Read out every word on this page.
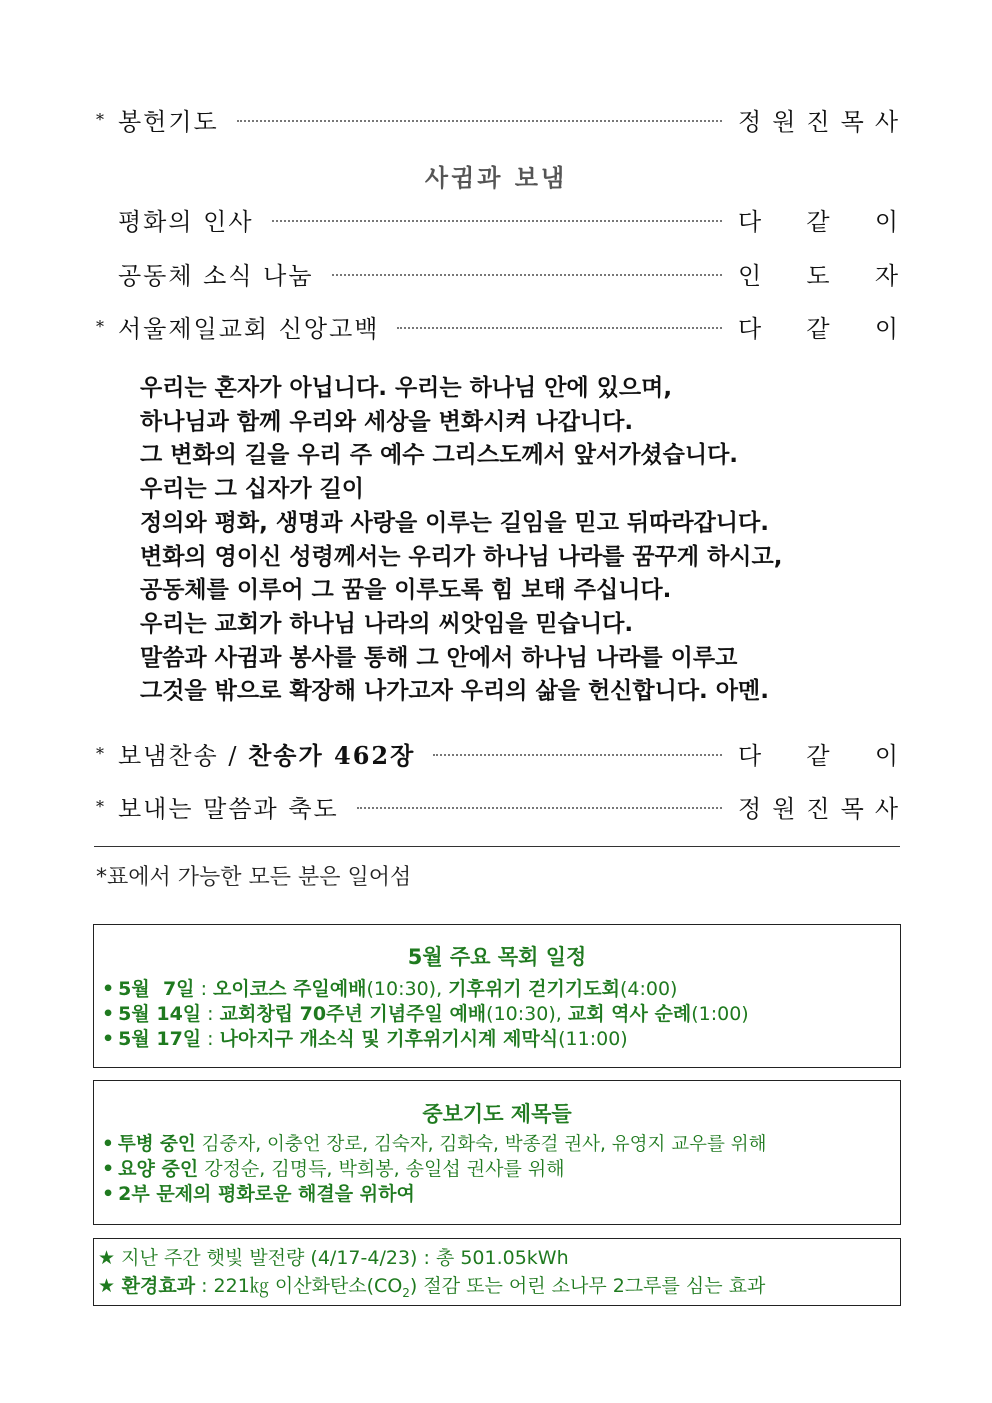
* 봉헌기도	정 원 진 목 사
사귐과 보냄
평화의 인사	다 같 이
공동체 소식 나눔	인 도 자
* 서울제일교회 신앙고백	다 같 이
우리는 혼자가 아닙니다. 우리는 하나님 안에 있으며,
하나님과 함께 우리와 세상을 변화시켜 나갑니다.
그 변화의 길을 우리 주 예수 그리스도께서 앞서가셨습니다.
우리는 그 십자가 길이
정의와 평화, 생명과 사랑을 이루는 길임을 믿고 뒤따라갑니다.
변화의 영이신 성령께서는 우리가 하나님 나라를 꿈꾸게 하시고,
공동체를 이루어 그 꿈을 이루도록 힘 보태 주십니다.
우리는 교회가 하나님 나라의 씨앗임을 믿습니다.
말씀과 사귐과 봉사를 통해 그 안에서 하나님 나라를 이루고
그것을 밖으로 확장해 나가고자 우리의 삶을 헌신합니다. 아멘.
* 보냄찬송 / 찬송가 462장	다 같 이
* 보내는 말씀과 축도	정 원 진 목 사
*표에서 가능한 모든 분은 일어섬
5월 주요 목회 일정
• 5월  7일 : 오이코스 주일예배(10:30), 기후위기 걷기기도회(4:00)
• 5월 14일 : 교회창립 70주년 기념주일 예배(10:30), 교회 역사 순례(1:00)
• 5월 17일 : 나아지구 개소식 및 기후위기시계 제막식(11:00)
중보기도 제목들
• 투병 중인 김중자, 이충언 장로, 김숙자, 김화숙, 박종걸 권사, 유영지 교우를 위해
• 요양 중인 강정순, 김명득, 박희봉, 송일섭 권사를 위해
• 2부 문제의 평화로운 해결을 위하여
★ 지난 주간 햇빛 발전량 (4/17-4/23) : 총 501.05kWh
★ 환경효과 : 221㎏ 이산화탄소$(CO_2)$ 절감 또는 어린 소나무 2그루를 심는 효과
